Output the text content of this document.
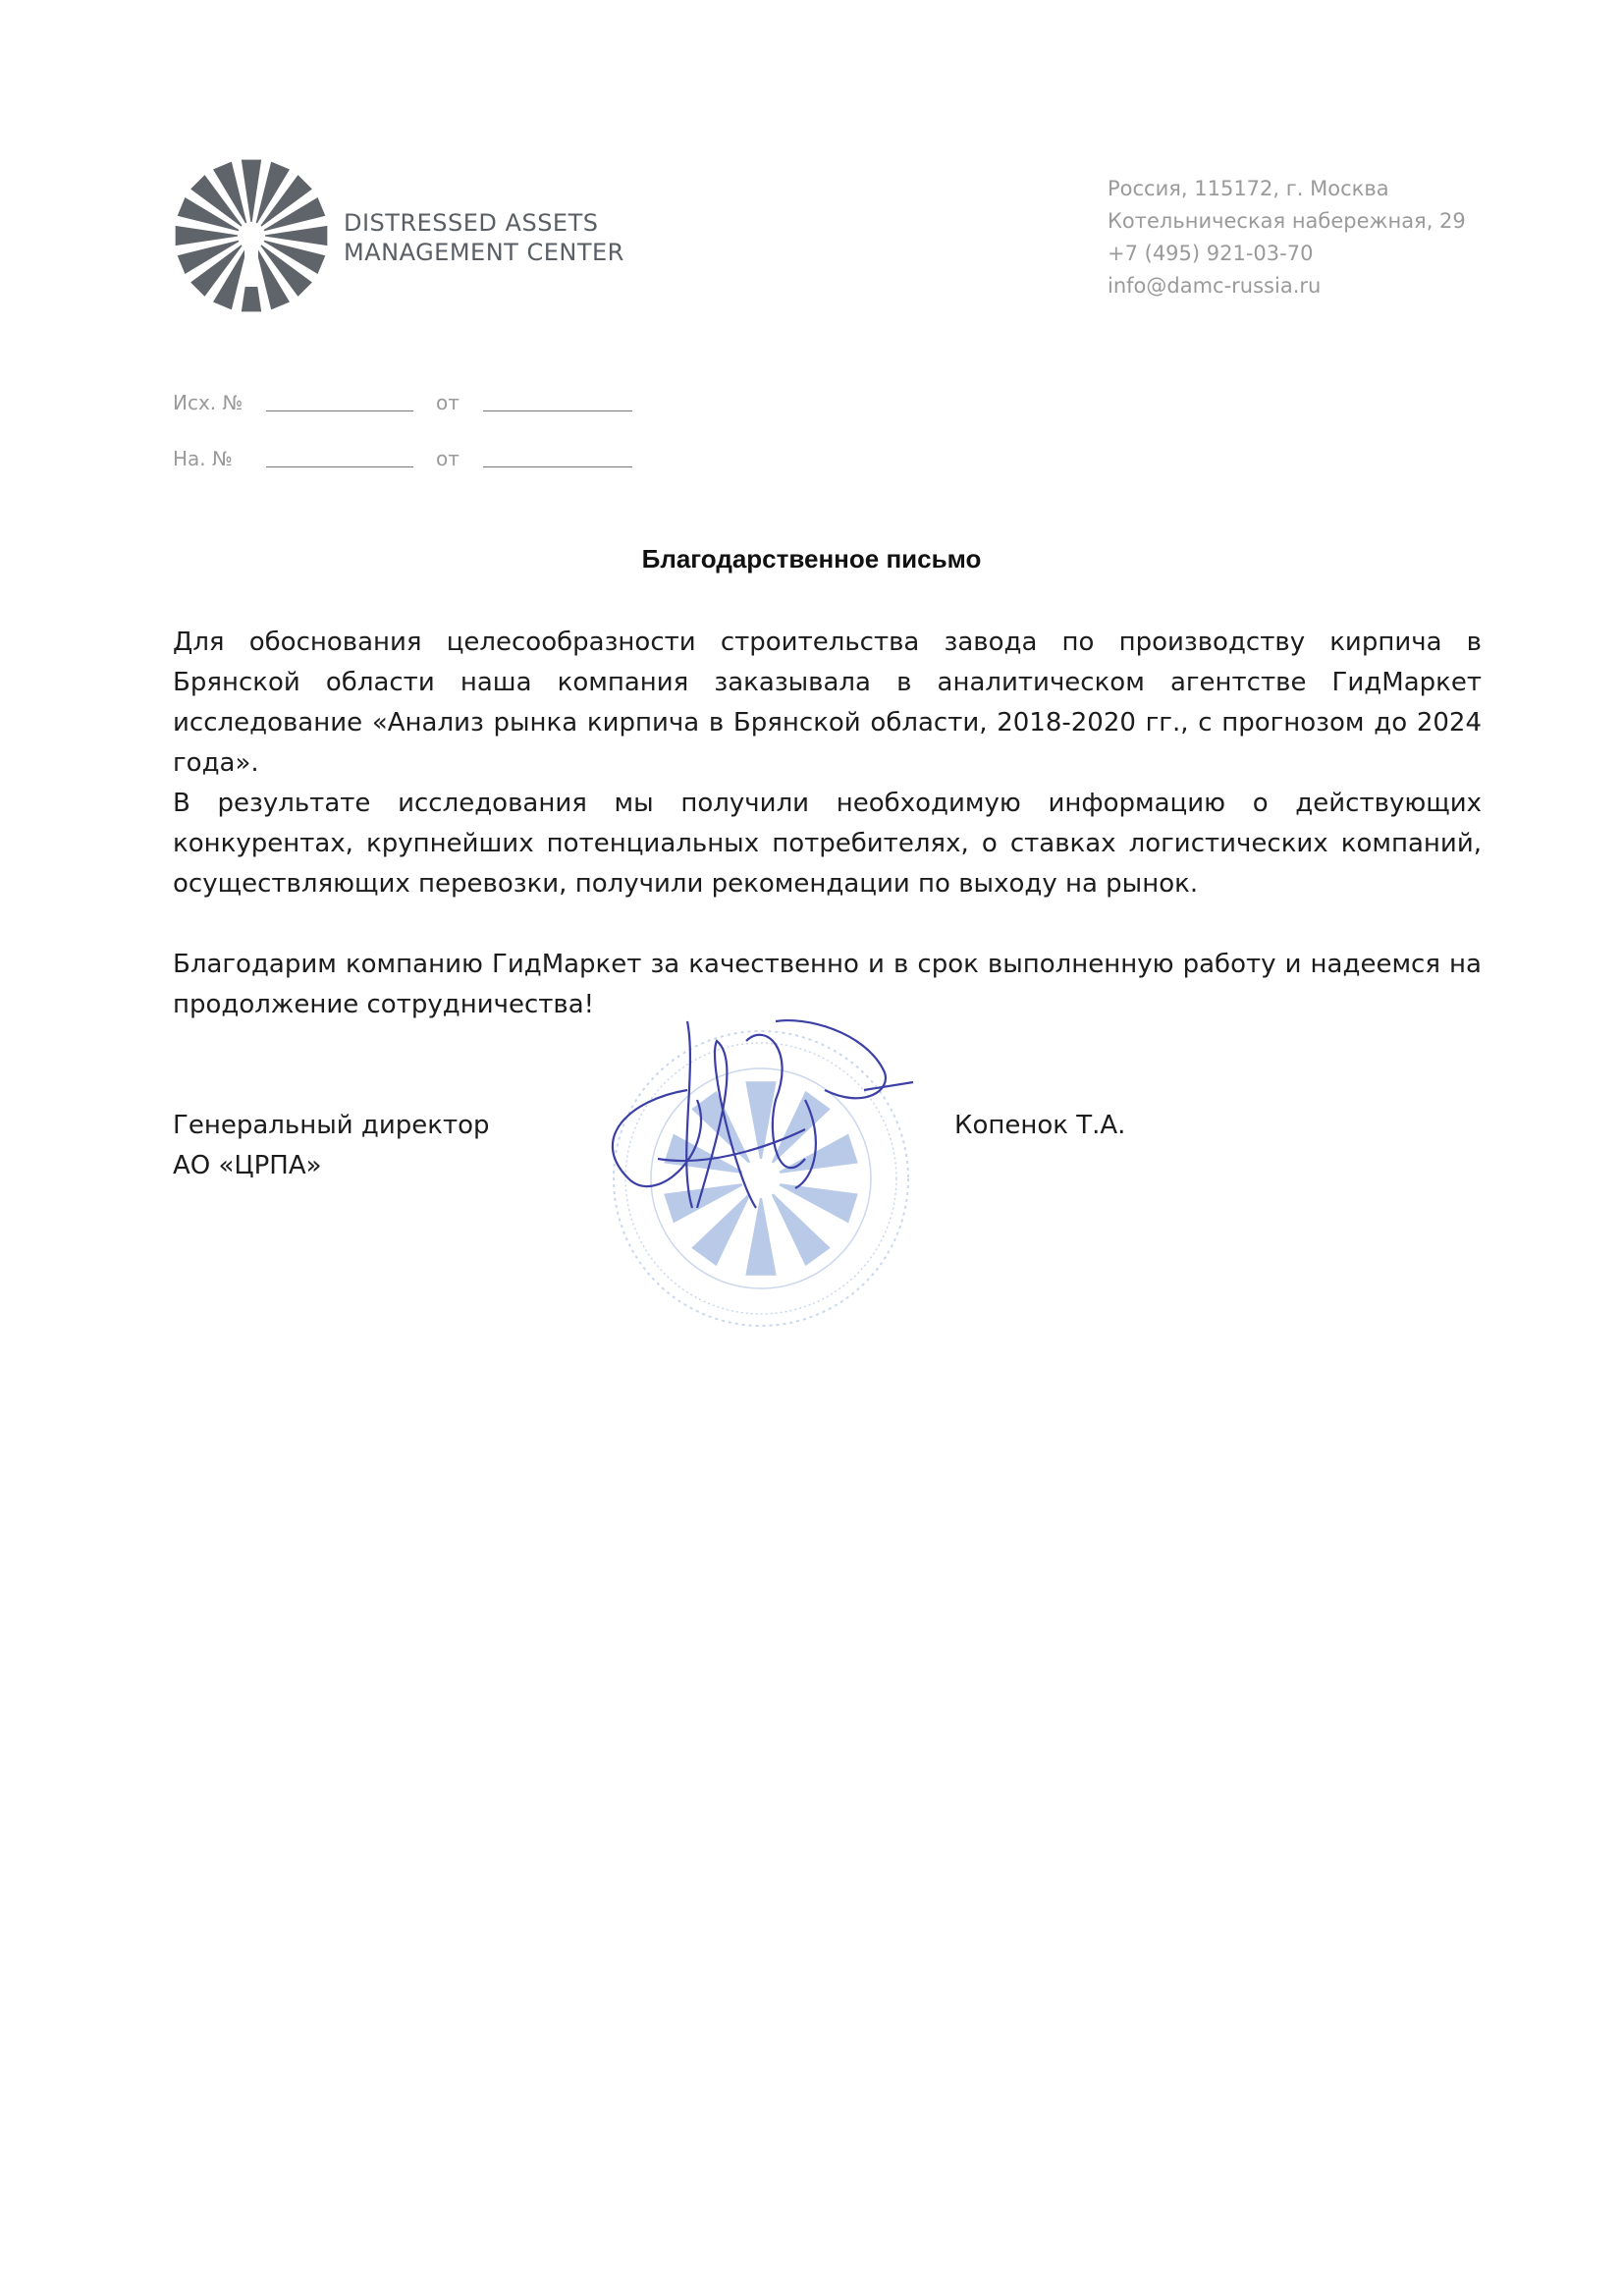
DISTRESSED ASSETS
MANAGEMENT CENTER
Россия, 115172, г. Москва
Котельническая набережная, 29
+7 (495) 921-03-70
info@damc-russia.ru
Исх. №	от
На. №	от
Благодарственное письмо

Для обоснования целесообразности строительства завода по производству кирпича в Брянской области наша компания заказывала в аналитическом агентстве ГидМаркет исследование «Анализ рынка кирпича в Брянской области, 2018-2020 гг., с прогнозом до 2024 года».

В результате исследования мы получили необходимую информацию о действующих конкурентах, крупнейших потенциальных потребителях, о ставках логистических компаний, осуществляющих перевозки, получили рекомендации по выходу на рынок.

Благодарим компанию ГидМаркет за качественно и в срок выполненную работу и надеемся на продолжение сотрудничества!

Генеральный директор
АО «ЦРПА»
Копенок Т.А.
